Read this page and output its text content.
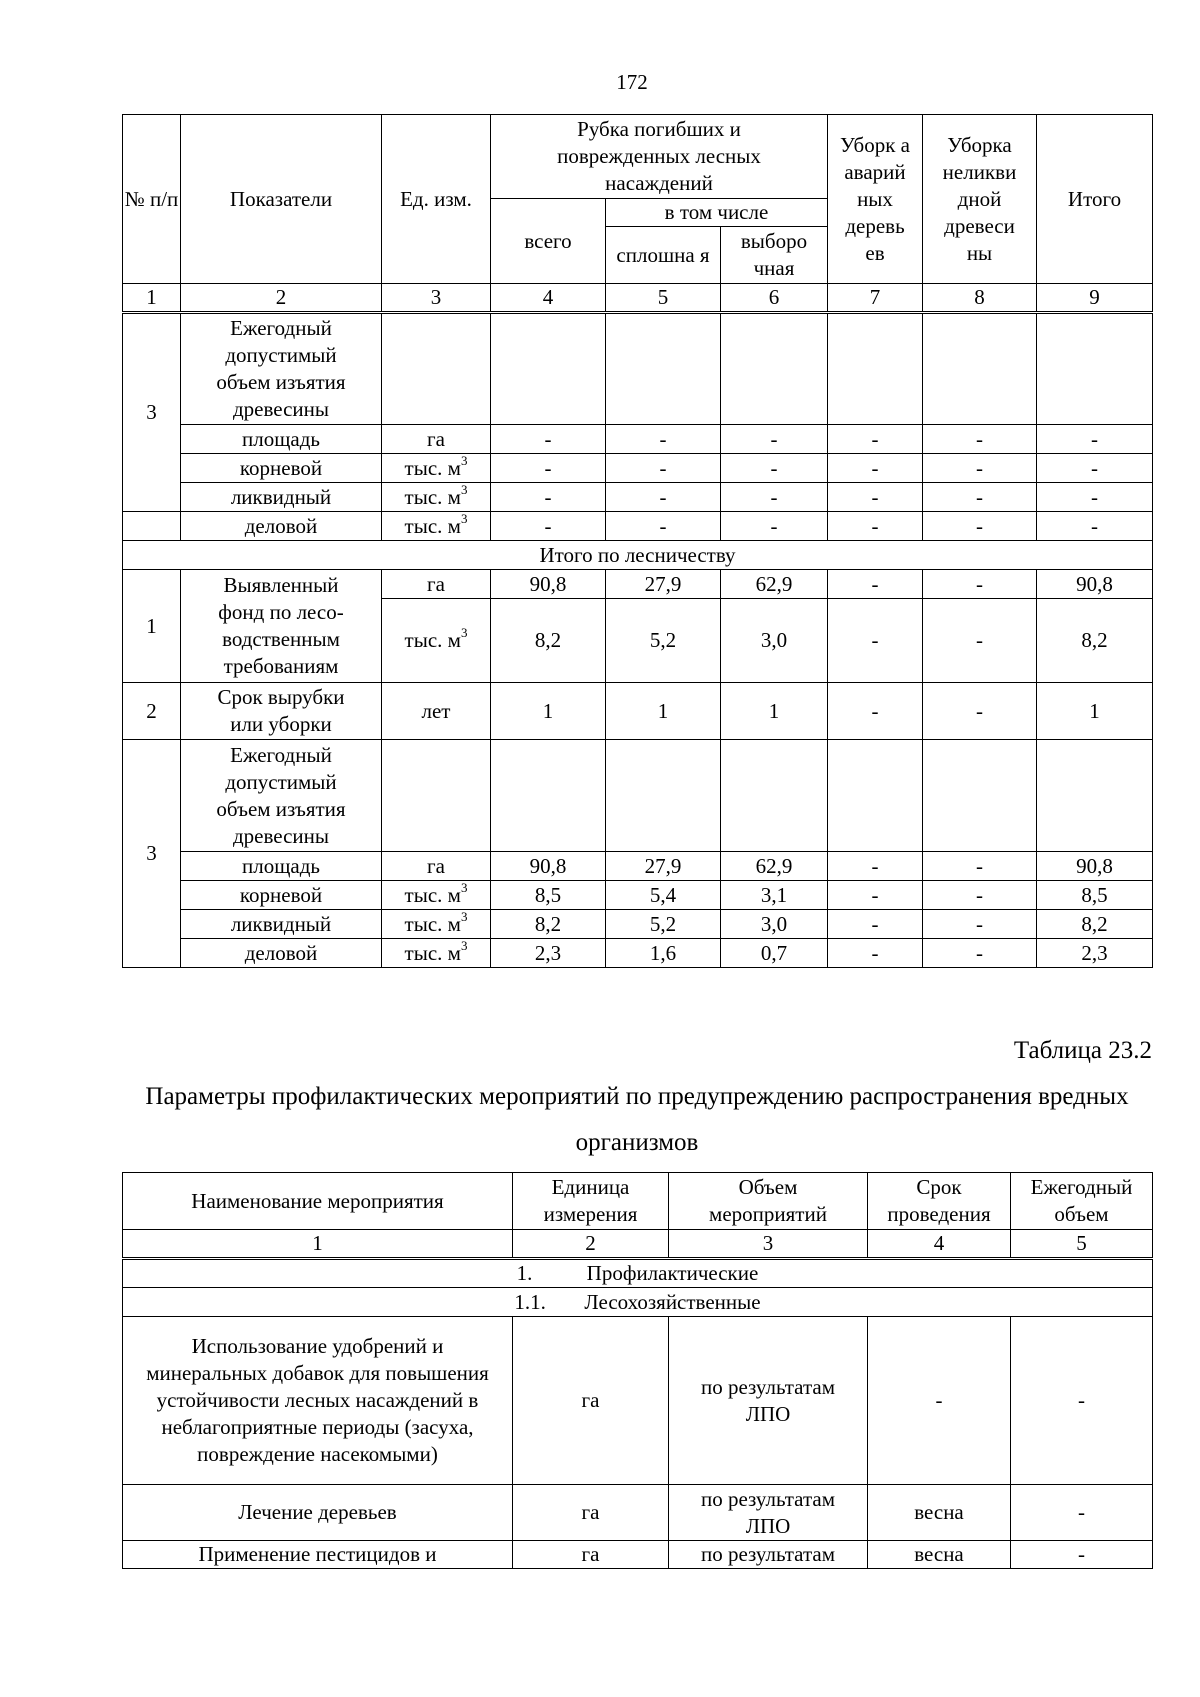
172
№ п/п	Показатели	Ед. изм.	Рубка погибших и поврежденных лесных насаждений			Уборк а аварий ных деревь ев	Уборка неликви дной древеси ны	Итого
			всего	в том числе				
				сплошна я	выборо чная			
1	2	3	4	5	6	7	8	9
3	Ежегодный допустимый объем изъятия древесины							
	площадь	га	-	-	-	-	-	-
	корневой	тыс. $м^3$	-	-	-	-	-	-
	ликвидный	тыс. $м^3$	-	-	-	-	-	-
	деловой	тыс. $м^3$	-	-	-	-	-	-
Итого по лесничеству								
1	Выявленный фонд по лесо-водственным требованиям	га	90,8	27,9	62,9	-	-	90,8
		тыс. $м^3$	8,2	5,2	3,0	-	-	8,2
2	Срок вырубки или уборки	лет	1	1	1	-	-	1
3	Ежегодный допустимый объем изъятия древесины							
	площадь	га	90,8	27,9	62,9	-	-	90,8
	корневой	тыс. $м^3$	8,5	5,4	3,1	-	-	8,5
	ликвидный	тыс. $м^3$	8,2	5,2	3,0	-	-	8,2
	деловой	тыс. $м^3$	2,3	1,6	0,7	-	-	2,3
Таблица 23.2
Параметры профилактических мероприятий по предупреждению распространения вредных организмов
Наименование мероприятия	Единица измерения	Объем мероприятий	Срок проведения	Ежегодный объем
1	2	3	4	5
1. Профилактические				
1.1. Лесохозяйственные				
Использование удобрений и минеральных добавок для повышения устойчивости лесных насаждений в неблагоприятные периоды (засуха, повреждение насекомыми)	га	по результатам ЛПО	-	-
Лечение деревьев	га	по результатам ЛПО	весна	-
Применение пестицидов и	га	по результатам	весна	-
